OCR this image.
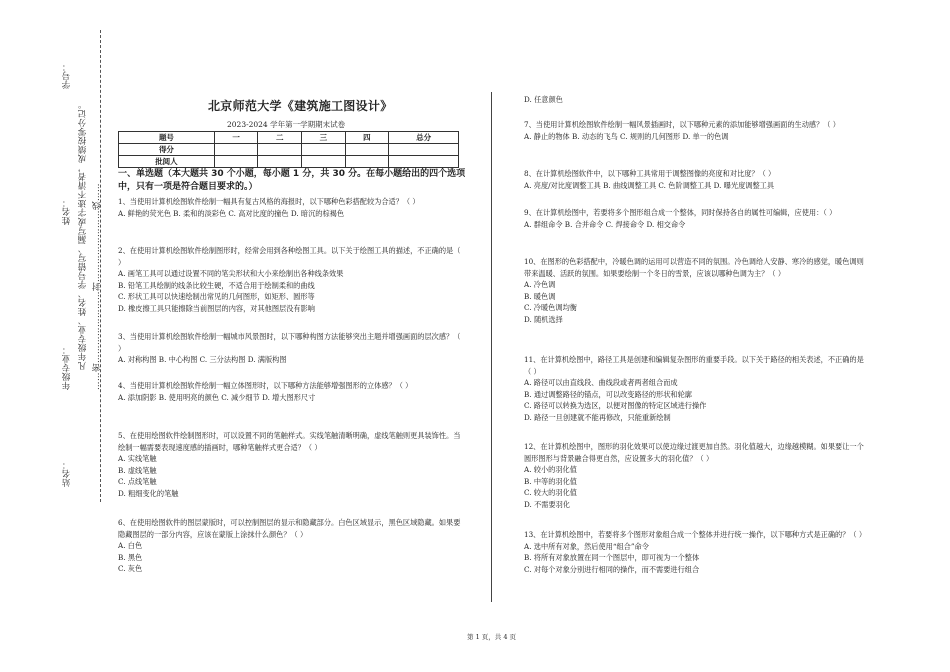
学号：
姓名：
年级专业：
站名：
凡年级专业、姓名、学号错写、漏写或字迹不清者，成绩按零分记。 ……密……………………封……………………线……
北京师范大学《建筑施工图设计》
2023-2024 学年第一学期期末试卷
题号	一	二	三	四	总分
得分					
批阅人					
一、单选题（本大题共 30 个小题，每小题 1 分，共 30 分。在每小题给出的四个选项中，只有一项是符合题目要求的。）

1、当使用计算机绘图软件绘制一幅具有复古风格的海报时，以下哪种色彩搭配较为合适？（ ）

A. 鲜艳的荧光色 B. 柔和的淡彩色 C. 高对比度的撞色 D. 暗沉的棕褐色

2、在使用计算机绘图软件绘制图形时，经常会用到各种绘图工具。以下关于绘图工具的描述，不正确的是（ ）

A. 画笔工具可以通过设置不同的笔尖形状和大小来绘制出各种线条效果

B. 铅笔工具绘制的线条比较生硬，不适合用于绘制柔和的曲线

C. 形状工具可以快速绘制出常见的几何图形，如矩形、圆形等

D. 橡皮擦工具只能擦除当前图层的内容，对其他图层没有影响

3、当使用计算机绘图软件绘制一幅城市风景图时，以下哪种构图方法能够突出主题并增强画面的层次感？（ ）

A. 对称构图 B. 中心构图 C. 三分法构图 D. 满版构图

4、当使用计算机绘图软件绘制一幅立体图形时，以下哪种方法能够增强图形的立体感？（ ）

A. 添加阴影 B. 使用明亮的颜色 C. 减少细节 D. 增大图形尺寸

5、在使用绘图软件绘制图形时，可以设置不同的笔触样式。实线笔触清晰明确，虚线笔触则更具装饰性。当绘制一幅需要表现速度感的插画时，哪种笔触样式更合适？（ ）

A. 实线笔触

B. 虚线笔触

C. 点线笔触

D. 粗细变化的笔触

6、在使用绘图软件的图层蒙版时，可以控制图层的显示和隐藏部分。白色区域显示，黑色区域隐藏。如果要隐藏图层的一部分内容，应该在蒙版上涂抹什么颜色？（ ）

A. 白色

B. 黑色

C. 灰色

D. 任意颜色

7、当使用计算机绘图软件绘制一幅风景插画时，以下哪种元素的添加能够增强画面的生动感？（ ）

A. 静止的物体 B. 动态的飞鸟 C. 规则的几何图形 D. 单一的色调

8、在计算机绘图软件中，以下哪种工具常用于调整图像的亮度和对比度？（ ）

A. 亮度/对比度调整工具 B. 曲线调整工具 C. 色阶调整工具 D. 曝光度调整工具

9、在计算机绘图中，若要将多个图形组合成一个整体，同时保持各自的属性可编辑，应使用：（ ）

A. 群组命令 B. 合并命令 C. 焊接命令 D. 相交命令

10、在图形的色彩搭配中，冷暖色调的运用可以营造不同的氛围。冷色调给人安静、寒冷的感觉，暖色调则带来温暖、活跃的氛围。如果要绘制一个冬日的雪景，应该以哪种色调为主？（ ）

A. 冷色调

B. 暖色调

C. 冷暖色调均衡

D. 随机选择

11、在计算机绘图中，路径工具是创建和编辑复杂图形的重要手段。以下关于路径的相关表述，不正确的是（ ）

A. 路径可以由直线段、曲线段或者两者组合而成

B. 通过调整路径的锚点，可以改变路径的形状和轮廓

C. 路径可以转换为选区，以便对图像的特定区域进行操作

D. 路径一旦创建就不能再修改，只能重新绘制

12、在计算机绘图中，图形的羽化效果可以使边缘过渡更加自然。羽化值越大，边缘越模糊。如果要让一个圆形图形与背景融合得更自然，应设置多大的羽化值？（ ）

A. 较小的羽化值

B. 中等的羽化值

C. 较大的羽化值

D. 不需要羽化

13、在计算机绘图中，若要将多个图形对象组合成一个整体并进行统一操作，以下哪种方式是正确的？（ ）

A. 选中所有对象，然后使用“组合”命令

B. 将所有对象放置在同一个图层中，即可视为一个整体

C. 对每个对象分别进行相同的操作，而不需要进行组合

第 1 页，共 4 页
